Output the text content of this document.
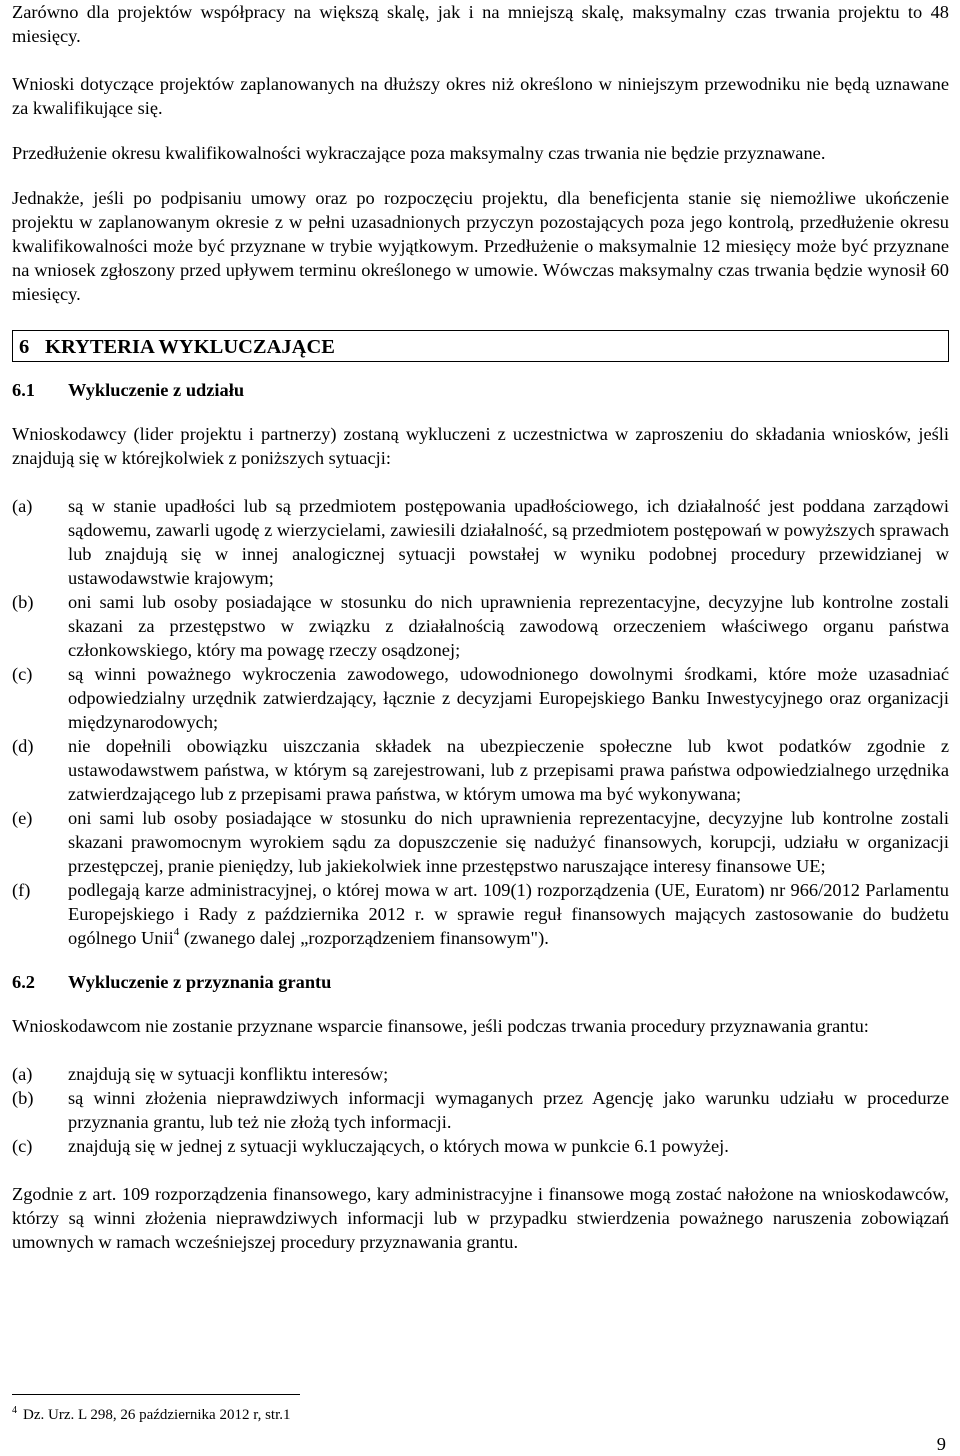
Zarówno dla projektów współpracy na większą skalę, jak i na mniejszą skalę, maksymalny czas trwania projektu to 48 miesięcy.

Wnioski dotyczące projektów zaplanowanych na dłuższy okres niż określono w niniejszym przewodniku nie będą uznawane za kwalifikujące się.

Przedłużenie okresu kwalifikowalności wykraczające poza maksymalny czas trwania nie będzie przyznawane.

Jednakże, jeśli po podpisaniu umowy oraz po rozpoczęciu projektu, dla beneficjenta stanie się niemożliwe ukończenie projektu w zaplanowanym okresie z w pełni uzasadnionych przyczyn pozostających poza jego kontrolą, przedłużenie okresu kwalifikowalności może być przyznane w trybie wyjątkowym. Przedłużenie o maksymalnie 12 miesięcy może być przyznane na wniosek zgłoszony przed upływem terminu określonego w umowie. Wówczas maksymalny czas trwania będzie wynosił 60 miesięcy.

6 KRYTERIA WYKLUCZAJĄCE
6.1 Wykluczenie z udziału

Wnioskodawcy (lider projektu i partnerzy) zostaną wykluczeni z uczestnictwa w zaproszeniu do składania wniosków, jeśli znajdują się w którejkolwiek z poniższych sytuacji:

(a)	są w stanie upadłości lub są przedmiotem postępowania upadłościowego, ich działalność jest poddana zarządowi sądowemu, zawarli ugodę z wierzycielami, zawiesili działalność, są przedmiotem postępowań w powyższych sprawach lub znajdują się w innej analogicznej sytuacji powstałej w wyniku podobnej procedury przewidzianej w ustawodawstwie krajowym;
(b)	oni sami lub osoby posiadające w stosunku do nich uprawnienia reprezentacyjne, decyzyjne lub kontrolne zostali skazani za przestępstwo w związku z działalnością zawodową orzeczeniem właściwego organu państwa członkowskiego, który ma powagę rzeczy osądzonej;
(c)	są winni poważnego wykroczenia zawodowego, udowodnionego dowolnymi środkami, które może uzasadniać odpowiedzialny urzędnik zatwierdzający, łącznie z decyzjami Europejskiego Banku Inwestycyjnego oraz organizacji międzynarodowych;
(d)	nie dopełnili obowiązku uiszczania składek na ubezpieczenie społeczne lub kwot podatków zgodnie z ustawodawstwem państwa, w którym są zarejestrowani, lub z przepisami prawa państwa odpowiedzialnego urzędnika zatwierdzającego lub z przepisami prawa państwa, w którym umowa ma być wykonywana;
(e)	oni sami lub osoby posiadające w stosunku do nich uprawnienia reprezentacyjne, decyzyjne lub kontrolne zostali skazani prawomocnym wyrokiem sądu za dopuszczenie się nadużyć finansowych, korupcji, udziału w organizacji przestępczej, pranie pieniędzy, lub jakiekolwiek inne przestępstwo naruszające interesy finansowe UE;
(f)	podlegają karze administracyjnej, o której mowa w art. 109(1) rozporządzenia (UE, Euratom) nr 966/2012 Parlamentu Europejskiego i Rady z października 2012 r. w sprawie reguł finansowych mających zastosowanie do budżetu ogólnego Unii$^4$ (zwanego dalej „rozporządzeniem finansowym").
6.2 Wykluczenie z przyznania grantu

Wnioskodawcom nie zostanie przyznane wsparcie finansowe, jeśli podczas trwania procedury przyznawania grantu:

(a)	znajdują się w sytuacji konfliktu interesów;
(b)	są winni złożenia nieprawdziwych informacji wymaganych przez Agencję jako warunku udziału w procedurze przyznania grantu, lub też nie złożą tych informacji.
(c)	znajdują się w jednej z sytuacji wykluczających, o których mowa w punkcie 6.1 powyżej.

Zgodnie z art. 109 rozporządzenia finansowego, kary administracyjne i finansowe mogą zostać nałożone na wnioskodawców, którzy są winni złożenia nieprawdziwych informacji lub w przypadku stwierdzenia poważnego naruszenia zobowiązań umownych w ramach wcześniejszej procedury przyznawania grantu.

$^4$ Dz. Urz. L 298, 26 października 2012 r, str.1
9
